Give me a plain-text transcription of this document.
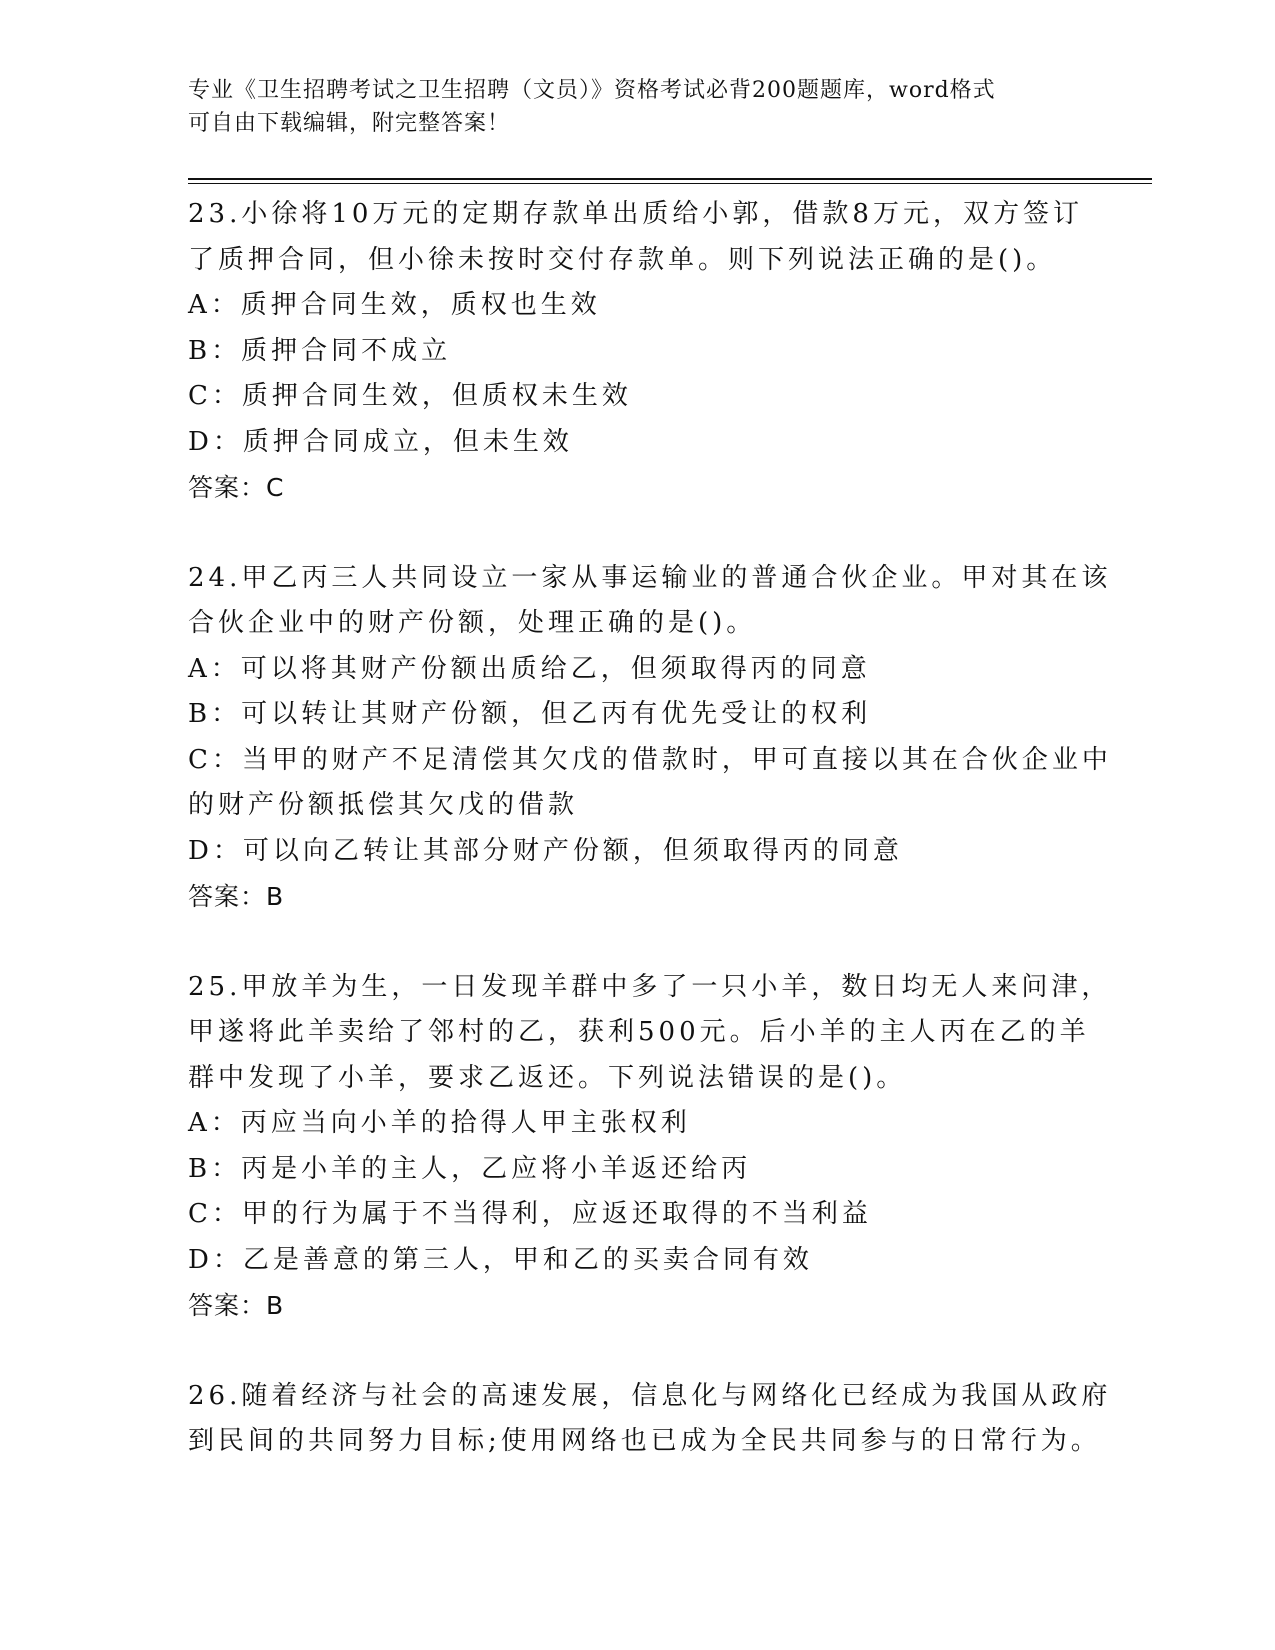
专业《卫生招聘考试之卫生招聘（文员）》资格考试必背200题题库，word格式
可自由下载编辑，附完整答案！
23.小徐将10万元的定期存款单出质给小郭，借款8万元，双方签订
了质押合同，但小徐未按时交付存款单。则下列说法正确的是()。
A：质押合同生效，质权也生效
B：质押合同不成立
C：质押合同生效，但质权未生效
D：质押合同成立，但未生效
答案：C
24.甲乙丙三人共同设立一家从事运输业的普通合伙企业。甲对其在该
合伙企业中的财产份额，处理正确的是()。
A：可以将其财产份额出质给乙，但须取得丙的同意
B：可以转让其财产份额，但乙丙有优先受让的权利
C：当甲的财产不足清偿其欠戊的借款时，甲可直接以其在合伙企业中
的财产份额抵偿其欠戊的借款
D：可以向乙转让其部分财产份额，但须取得丙的同意
答案：B
25.甲放羊为生，一日发现羊群中多了一只小羊，数日均无人来问津，
甲遂将此羊卖给了邻村的乙，获利500元。后小羊的主人丙在乙的羊
群中发现了小羊，要求乙返还。下列说法错误的是()。
A：丙应当向小羊的拾得人甲主张权利
B：丙是小羊的主人，乙应将小羊返还给丙
C：甲的行为属于不当得利，应返还取得的不当利益
D：乙是善意的第三人，甲和乙的买卖合同有效
答案：B
26.随着经济与社会的高速发展，信息化与网络化已经成为我国从政府
到民间的共同努力目标;使用网络也已成为全民共同参与的日常行为。
